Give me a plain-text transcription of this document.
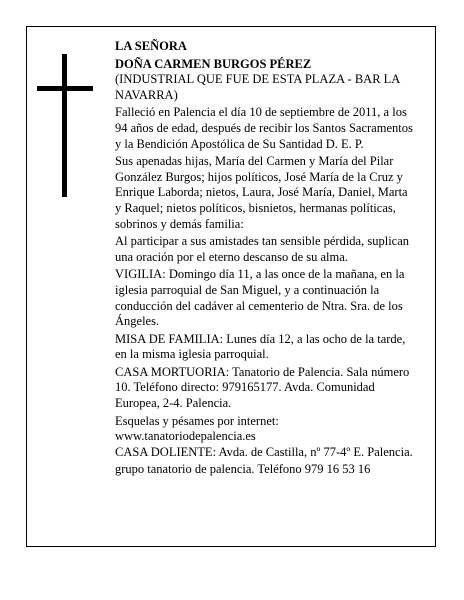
LA SEÑORA

DOÑA CARMEN BURGOS PÉREZ

(INDUSTRIAL QUE FUE DE ESTA PLAZA - BAR LA NAVARRA)

Falleció en Palencia el día 10 de septiembre de 2011, a los 94 años de edad, después de recibir los Santos Sacramentos y la Bendición Apostólica de Su Santidad D. E. P.

Sus apenadas hijas, María del Carmen y María del Pilar González Burgos; hijos políticos, José María de la Cruz y Enrique Laborda; nietos, Laura, José María, Daniel, Marta y Raquel; nietos políticos, bisnietos, hermanas políticas, sobrinos y demás familia:

Al participar a sus amistades tan sensible pérdida, suplican una oración por el eterno descanso de su alma.

VIGILIA: Domingo día 11, a las once de la mañana, en la iglesia parroquial de San Miguel, y a continuación la conducción del cadáver al cementerio de Ntra. Sra. de los Ángeles.

MISA DE FAMILIA: Lunes día 12, a las ocho de la tarde, en la misma iglesia parroquial.

CASA MORTUORIA: Tanatorio de Palencia. Sala número 10. Teléfono directo: 979165177. Avda. Comunidad Europea, 2-4. Palencia.

Esquelas y pésames por internet:
www.tanatoriodepalencia.es

CASA DOLIENTE: Avda. de Castilla, nº 77-4º E. Palencia.

grupo tanatorio de palencia. Teléfono 979 16 53 16
